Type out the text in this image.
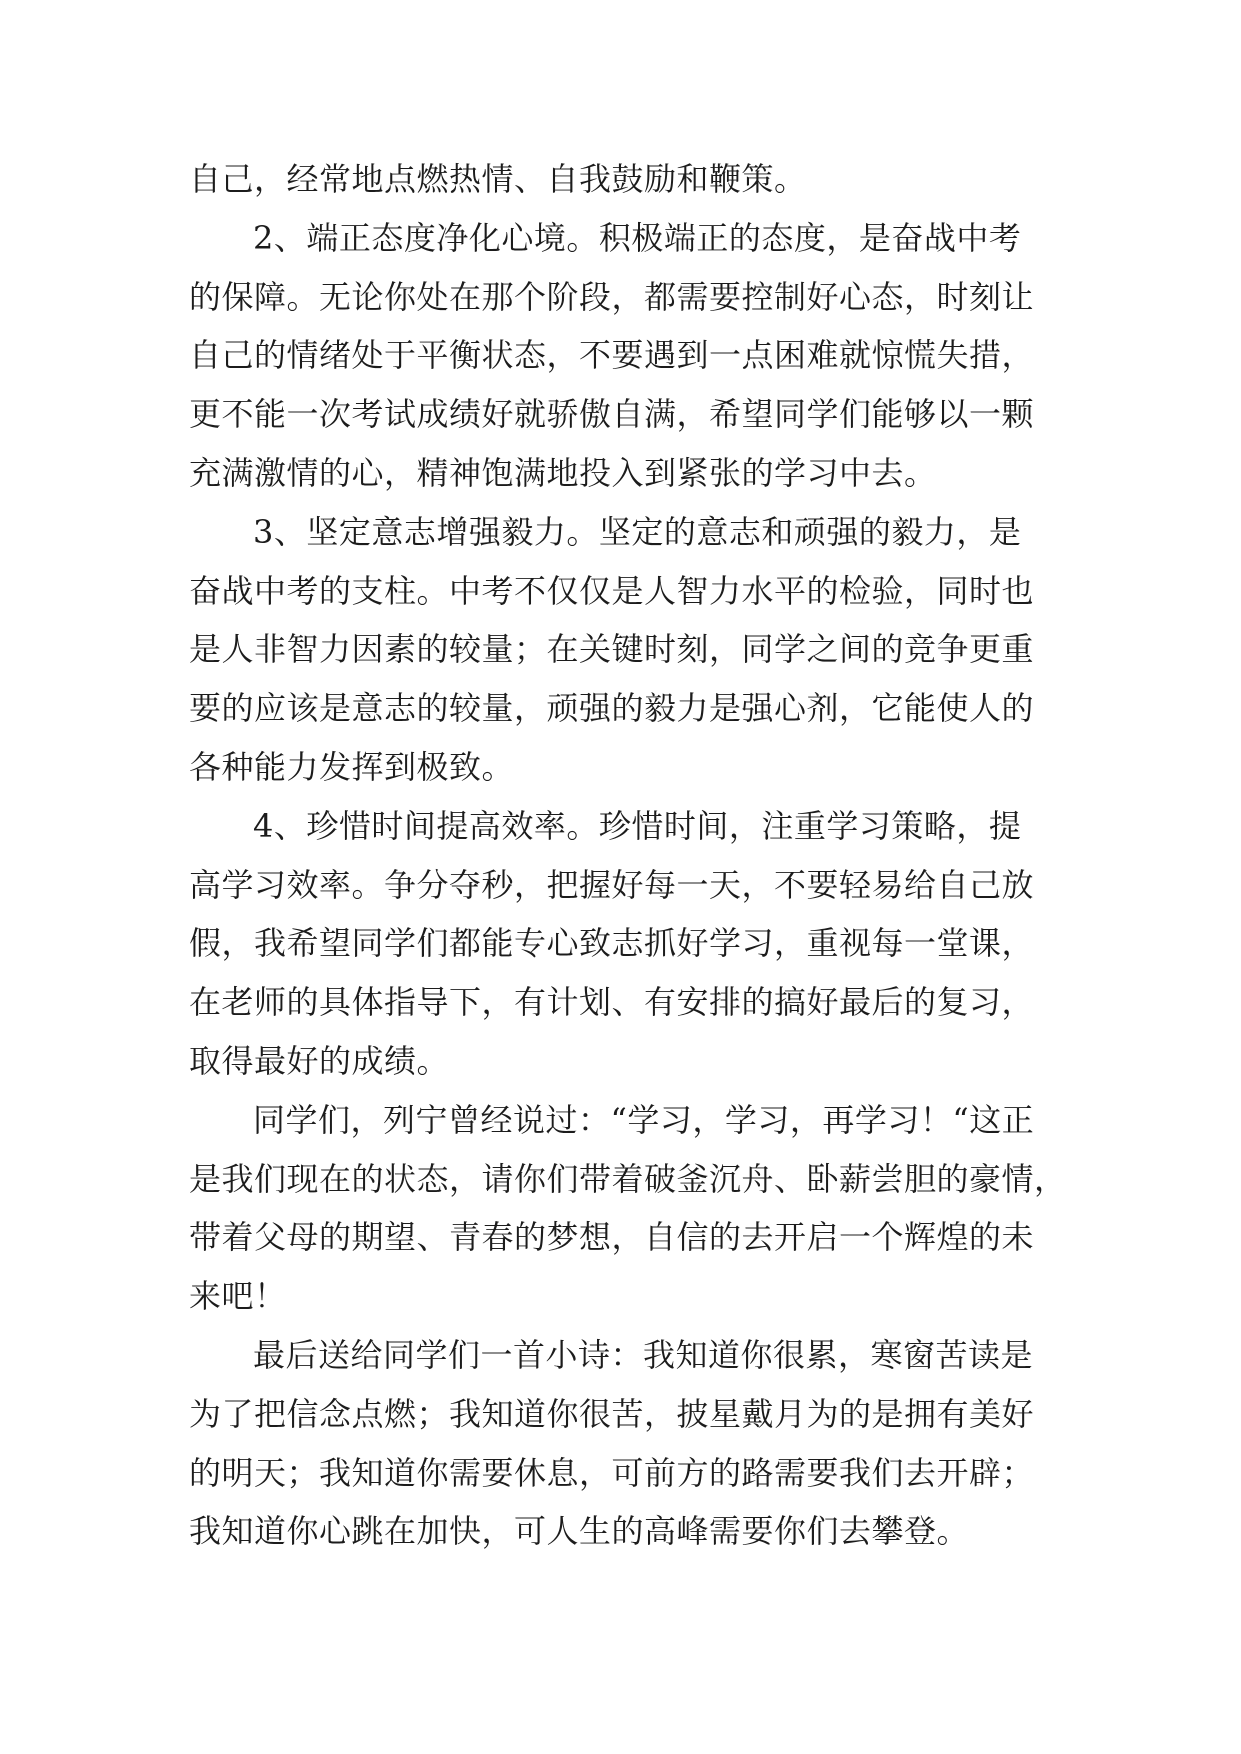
自己，经常地点燃热情、自我鼓励和鞭策。
2、端正态度净化心境。积极端正的态度，是奋战中考
的保障。无论你处在那个阶段，都需要控制好心态，时刻让
自己的情绪处于平衡状态，不要遇到一点困难就惊慌失措，
更不能一次考试成绩好就骄傲自满，希望同学们能够以一颗
充满激情的心，精神饱满地投入到紧张的学习中去。
3、坚定意志增强毅力。坚定的意志和顽强的毅力，是
奋战中考的支柱。中考不仅仅是人智力水平的检验，同时也
是人非智力因素的较量；在关键时刻，同学之间的竞争更重
要的应该是意志的较量，顽强的毅力是强心剂，它能使人的
各种能力发挥到极致。
4、珍惜时间提高效率。珍惜时间，注重学习策略，提
高学习效率。争分夺秒，把握好每一天，不要轻易给自己放
假，我希望同学们都能专心致志抓好学习，重视每一堂课，
在老师的具体指导下，有计划、有安排的搞好最后的复习，
取得最好的成绩。
同学们，列宁曾经说过：“学习，学习，再学习！“这正
是我们现在的状态，请你们带着破釜沉舟、卧薪尝胆的豪情，
带着父母的期望、青春的梦想，自信的去开启一个辉煌的未
来吧！
最后送给同学们一首小诗：我知道你很累，寒窗苦读是
为了把信念点燃；我知道你很苦，披星戴月为的是拥有美好
的明天；我知道你需要休息，可前方的路需要我们去开辟；
我知道你心跳在加快，可人生的高峰需要你们去攀登。
